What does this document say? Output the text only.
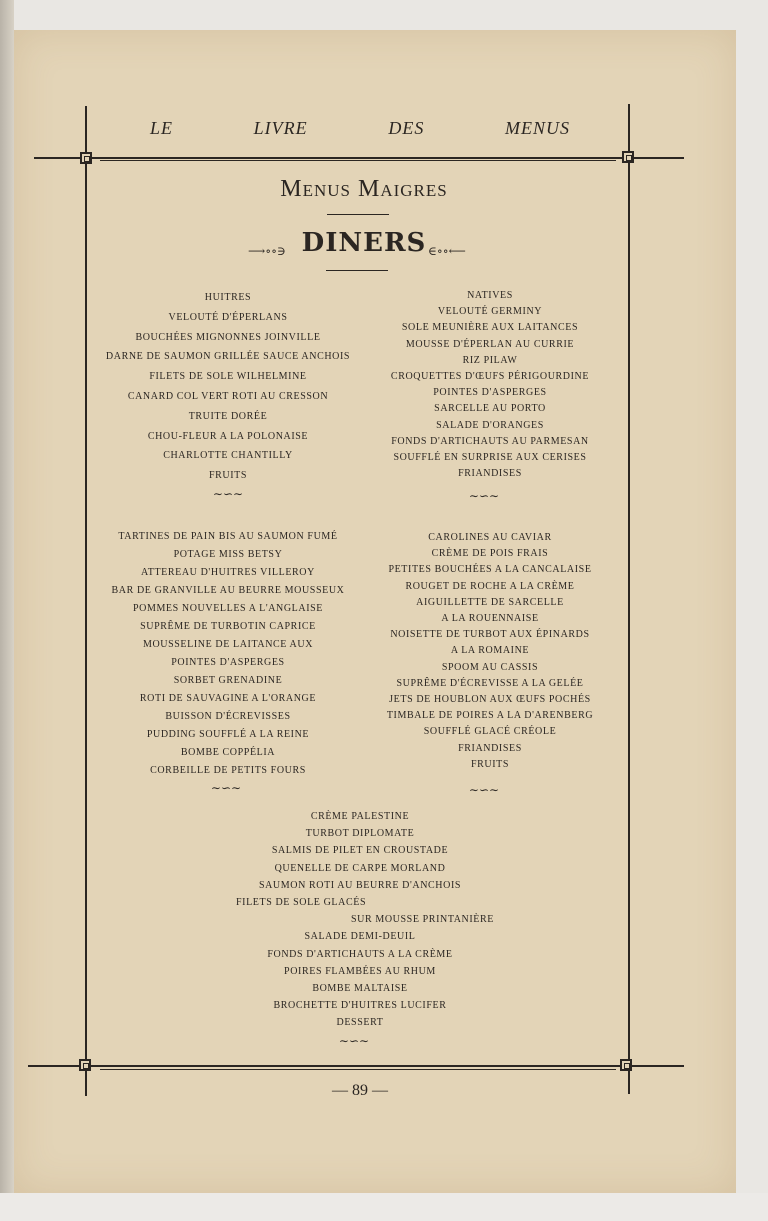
LE	LIVRE	DES	MENUS
Menus Maigres
⟶∘∘∋ DINERS ∈∘∘⟵
HUITRES
VELOUTÉ D'ÉPERLANS
BOUCHÉES MIGNONNES JOINVILLE
DARNE DE SAUMON GRILLÉE SAUCE ANCHOIS
FILETS DE SOLE WILHELMINE
CANARD COL VERT ROTI AU CRESSON
TRUITE DORÉE
CHOU-FLEUR A LA POLONAISE
CHARLOTTE CHANTILLY
FRUITS
∼∽∼
NATIVES
VELOUTÉ GERMINY
SOLE MEUNIÈRE AUX LAITANCES
MOUSSE D'ÉPERLAN AU CURRIE
RIZ PILAW
CROQUETTES D'ŒUFS PÉRIGOURDINE
POINTES D'ASPERGES
SARCELLE AU PORTO
SALADE D'ORANGES
FONDS D'ARTICHAUTS AU PARMESAN
SOUFFLÉ EN SURPRISE AUX CERISES
FRIANDISES
∼∽∼
TARTINES DE PAIN BIS AU SAUMON FUMÉ
POTAGE MISS BETSY
ATTEREAU D'HUITRES VILLEROY
BAR DE GRANVILLE AU BEURRE MOUSSEUX
POMMES NOUVELLES A L'ANGLAISE
SUPRÊME DE TURBOTIN CAPRICE
MOUSSELINE DE LAITANCE AUX
POINTES D'ASPERGES
SORBET GRENADINE
ROTI DE SAUVAGINE A L'ORANGE
BUISSON D'ÉCREVISSES
PUDDING SOUFFLÉ A LA REINE
BOMBE COPPÉLIA
CORBEILLE DE PETITS FOURS
∼∽∼
CAROLINES AU CAVIAR
CRÈME DE POIS FRAIS
PETITES BOUCHÉES A LA CANCALAISE
ROUGET DE ROCHE A LA CRÈME
AIGUILLETTE DE SARCELLE
A LA ROUENNAISE
NOISETTE DE TURBOT AUX ÉPINARDS
A LA ROMAINE
SPOOM AU CASSIS
SUPRÊME D'ÉCREVISSE A LA GELÉE
JETS DE HOUBLON AUX ŒUFS POCHÉS
TIMBALE DE POIRES A LA D'ARENBERG
SOUFFLÉ GLACÉ CRÉOLE
FRIANDISES
FRUITS
∼∽∼
CRÈME PALESTINE
TURBOT DIPLOMATE
SALMIS DE PILET EN CROUSTADE
QUENELLE DE CARPE MORLAND
SAUMON ROTI AU BEURRE D'ANCHOIS
FILETS DE SOLE GLACÉS
SUR MOUSSE PRINTANIÈRE
SALADE DEMI-DEUIL
FONDS D'ARTICHAUTS A LA CRÈME
POIRES FLAMBÉES AU RHUM
BOMBE MALTAISE
BROCHETTE D'HUITRES LUCIFER
DESSERT
∼∽∼
— 89 —
